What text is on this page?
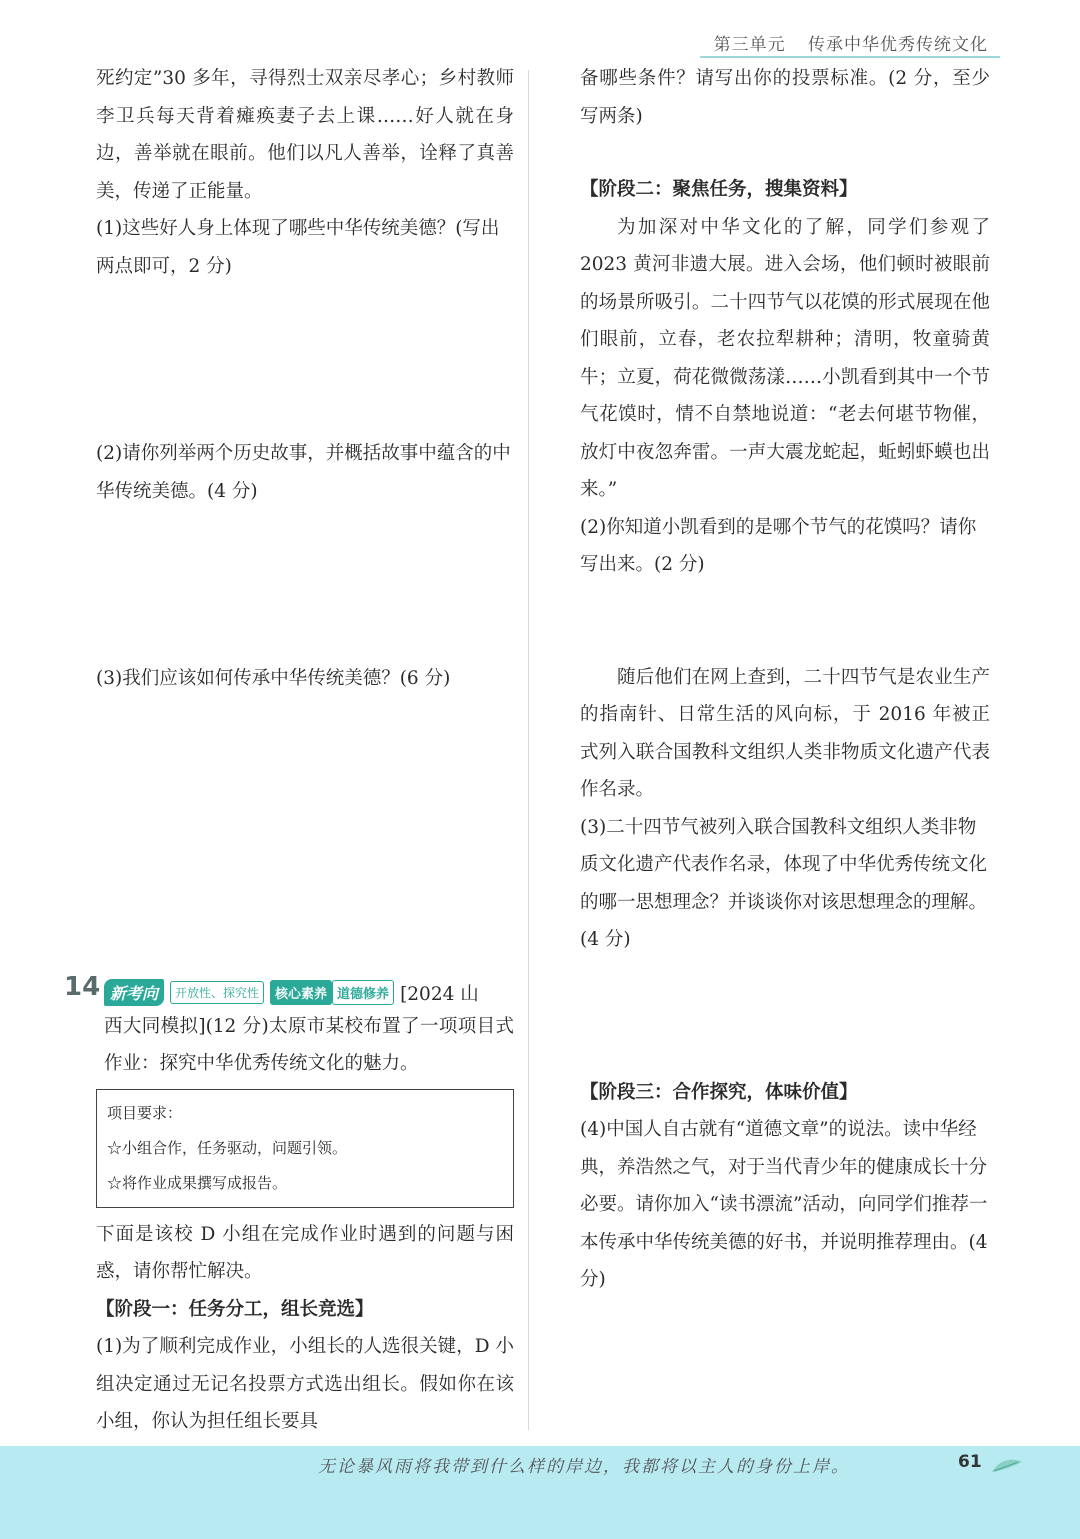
第三单元 传承中华优秀传统文化

死约定”30 多年，寻得烈士双亲尽孝心；乡村教师李卫兵每天背着瘫痪妻子去上课……好人就在身边，善举就在眼前。他们以凡人善举，诠释了真善美，传递了正能量。

(1)这些好人身上体现了哪些中华传统美德？(写出两点即可，2 分)

(2)请你列举两个历史故事，并概括故事中蕴含的中华传统美德。(4 分)

(3)我们应该如何传承中华传统美德？(6 分)

西大同模拟](12 分)太原市某校布置了一项项目式作业：探究中华优秀传统文化的魅力。

项目要求：

☆小组合作，任务驱动，问题引领。

☆将作业成果撰写成报告。

下面是该校 D 小组在完成作业时遇到的问题与困惑，请你帮忙解决。

【阶段一：任务分工，组长竞选】

(1)为了顺利完成作业，小组长的人选很关键，D 小组决定通过无记名投票方式选出组长。假如你在该小组，你认为担任组长要具

14 新考向	开放性、探究性	核心素养 道德修养 [2024 山

备哪些条件？请写出你的投票标准。(2 分，至少写两条)

【阶段二：聚焦任务，搜集资料】

为加深对中华文化的了解，同学们参观了 2023 黄河非遗大展。进入会场，他们顿时被眼前的场景所吸引。二十四节气以花馍的形式展现在他们眼前，立春，老农拉犁耕种；清明，牧童骑黄牛；立夏，荷花微微荡漾……小凯看到其中一个节气花馍时，情不自禁地说道：“老去何堪节物催，放灯中夜忽奔雷。一声大震龙蛇起，蚯蚓虾蟆也出来。”

(2)你知道小凯看到的是哪个节气的花馍吗？请你写出来。(2 分)

随后他们在网上查到，二十四节气是农业生产的指南针、日常生活的风向标，于 2016 年被正式列入联合国教科文组织人类非物质文化遗产代表作名录。

(3)二十四节气被列入联合国教科文组织人类非物质文化遗产代表作名录，体现了中华优秀传统文化的哪一思想理念？并谈谈你对该思想理念的理解。(4 分)

【阶段三：合作探究，体味价值】

(4)中国人自古就有“道德文章”的说法。读中华经典，养浩然之气，对于当代青少年的健康成长十分必要。请你加入“读书漂流”活动，向同学们推荐一本传承中华传统美德的好书，并说明推荐理由。(4 分)

无论暴风雨将我带到什么样的岸边，我都将以主人的身份上岸。	61
